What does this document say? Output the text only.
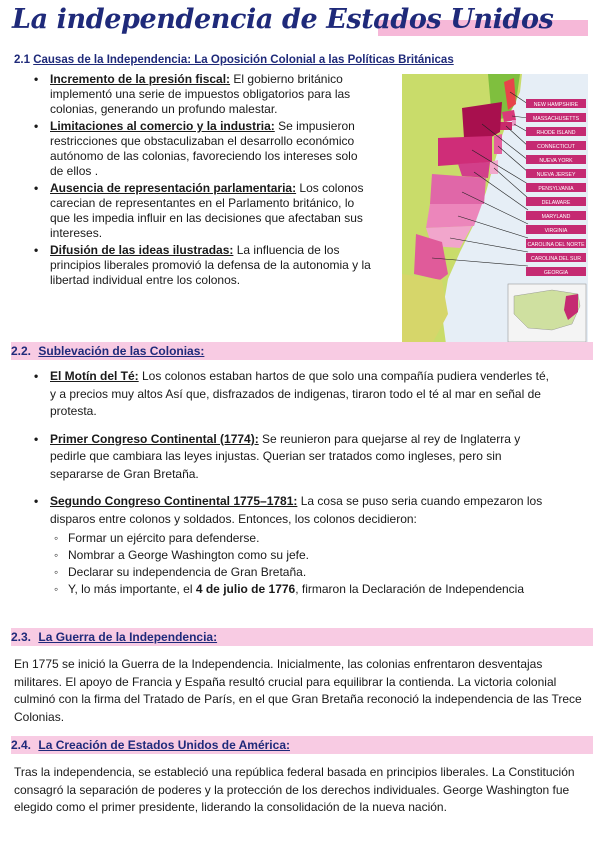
La independencia de Estados Unidos
2.1 Causas de la Independencia: La Oposición Colonial a las Políticas Británicas
• Incremento de la presión fiscal: El gobierno británico implementó una serie de impuestos obligatorios para las colonias, generando un profundo malestar.
• Limitaciones al comercio y la industria: Se impusieron restricciones que obstaculizaban el desarrollo económico autónomo de las colonias, favoreciendo los intereses solo de ellos .
• Ausencia de representación parlamentaria: Los colonos carecian de representantes en el Parlamento británico, lo que les impedia influir en las decisiones que afectaban sus intereses.
• Difusión de las ideas ilustradas: La influencia de los principios liberales promovió la defensa de la autonomia y la libertad individual entre los colonos.
NEW HAMPSHIRE
MASSACHUSETTS
RHODE ISLAND
CONNECTICUT
NUEVA YORK
NUEVA JERSEY
PENSYLVANIA
DELAWARE
MARYLAND
VIRGINIA
CAROLINA DEL NORTE
CAROLINA DEL SUR
GEORGIA
2.2. Sublevación de las Colonias:
• El Motín del Té: Los colonos estaban hartos de que solo una compañía pudiera venderles té, y a precios muy altos Así que, disfrazados de indigenas, tiraron todo el té al mar en señal de protesta.
• Primer Congreso Continental (1774): Se reunieron para quejarse al rey de Inglaterra y pedirle que cambiara las leyes injustas. Querian ser tratados como ingleses, pero sin separarse de Gran Bretaña.
• Segundo Congreso Continental 1775–1781: La cosa se puso seria cuando empezaron los disparos entre colonos y soldados. Entonces, los colonos decidieron:
◦ Formar un ejército para defenderse.
◦ Nombrar a George Washington como su jefe.
◦ Declarar su independencia de Gran Bretaña.
◦ Y, lo más importante, el 4 de julio de 1776, firmaron la Declaración de Independencia
2.3. La Guerra de la Independencia:

En 1775 se inició la Guerra de la Independencia. Inicialmente, las colonias enfrentaron desventajas militares. El apoyo de Francia y España resultó crucial para equilibrar la contienda. La victoria colonial culminó con la firma del Tratado de París, en el que Gran Bretaña reconoció la independencia de las Trece Colonias.

2.4. La Creación de Estados Unidos de América:

Tras la independencia, se estableció una república federal basada en principios liberales. La Constitución consagró la separación de poderes y la protección de los derechos individuales. George Washington fue elegido como el primer presidente, liderando la consolidación de la nueva nación.
